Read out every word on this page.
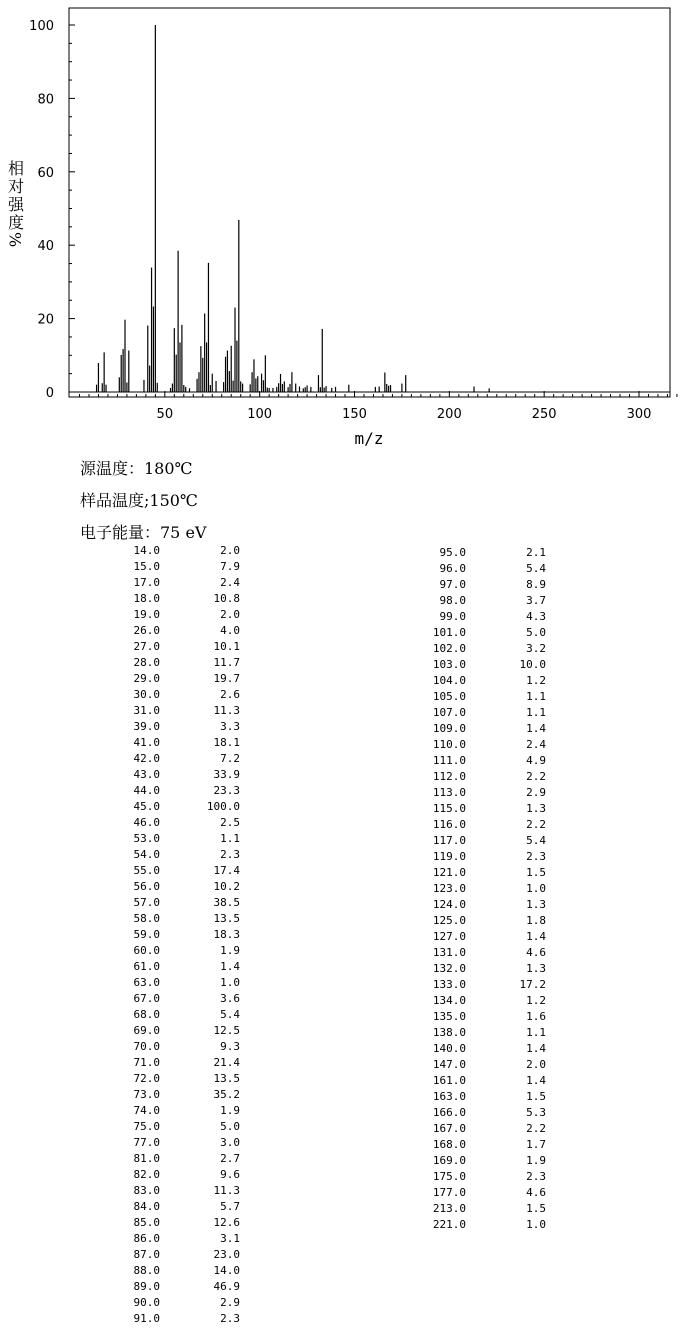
0
20
40
60
80
100
50	100	150	200	250	300
相对强度%
m/z
源温度：180℃
样品温度;150℃
电子能量：75 eV
14.0	2.0
15.0	7.9
17.0	2.4
18.0	10.8
19.0	2.0
26.0	4.0
27.0	10.1
28.0	11.7
29.0	19.7
30.0	2.6
31.0	11.3
39.0	3.3
41.0	18.1
42.0	7.2
43.0	33.9
44.0	23.3
45.0	100.0
46.0	2.5
53.0	1.1
54.0	2.3
55.0	17.4
56.0	10.2
57.0	38.5
58.0	13.5
59.0	18.3
60.0	1.9
61.0	1.4
63.0	1.0
67.0	3.6
68.0	5.4
69.0	12.5
70.0	9.3
71.0	21.4
72.0	13.5
73.0	35.2
74.0	1.9
75.0	5.0
77.0	3.0
81.0	2.7
82.0	9.6
83.0	11.3
84.0	5.7
85.0	12.6
86.0	3.1
87.0	23.0
88.0	14.0
89.0	46.9
90.0	2.9
91.0	2.3
95.0	2.1
96.0	5.4
97.0	8.9
98.0	3.7
99.0	4.3
101.0	5.0
102.0	3.2
103.0	10.0
104.0	1.2
105.0	1.1
107.0	1.1
109.0	1.4
110.0	2.4
111.0	4.9
112.0	2.2
113.0	2.9
115.0	1.3
116.0	2.2
117.0	5.4
119.0	2.3
121.0	1.5
123.0	1.0
124.0	1.3
125.0	1.8
127.0	1.4
131.0	4.6
132.0	1.3
133.0	17.2
134.0	1.2
135.0	1.6
138.0	1.1
140.0	1.4
147.0	2.0
161.0	1.4
163.0	1.5
166.0	5.3
167.0	2.2
168.0	1.7
169.0	1.9
175.0	2.3
177.0	4.6
213.0	1.5
221.0	1.0
